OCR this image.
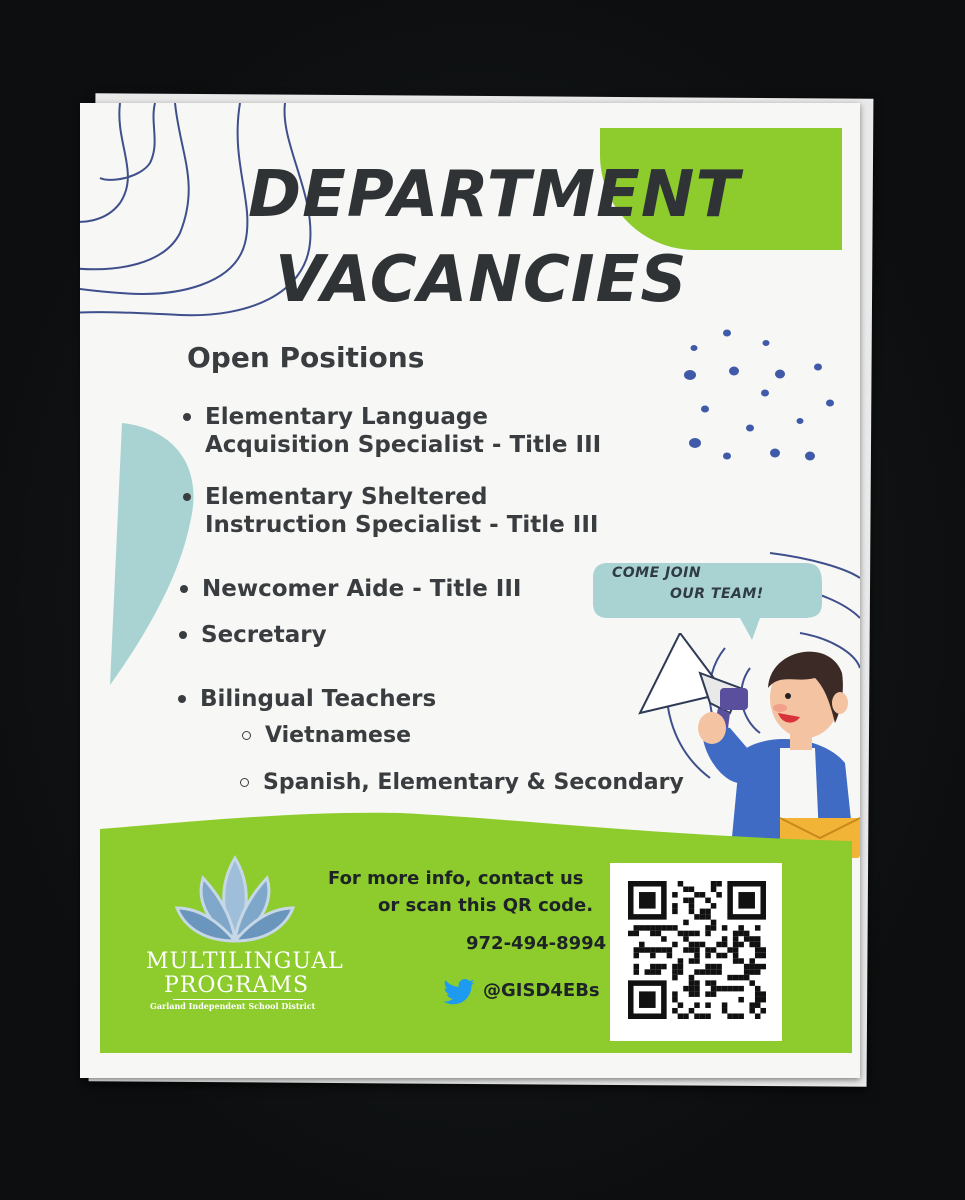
DEPARTMENT
VACANCIES
Open Positions
Elementary Language
Acquisition Specialist - Title III
Elementary Sheltered
Instruction Specialist - Title III
Newcomer Aide - Title III
Secretary
Bilingual Teachers
Vietnamese
Spanish, Elementary & Secondary
COME JOIN
OUR TEAM!
MULTILINGUAL
PROGRAMS
Garland Independent School District
For more info, contact us
or scan this QR code.
972-494-8994
@GISD4EBs
